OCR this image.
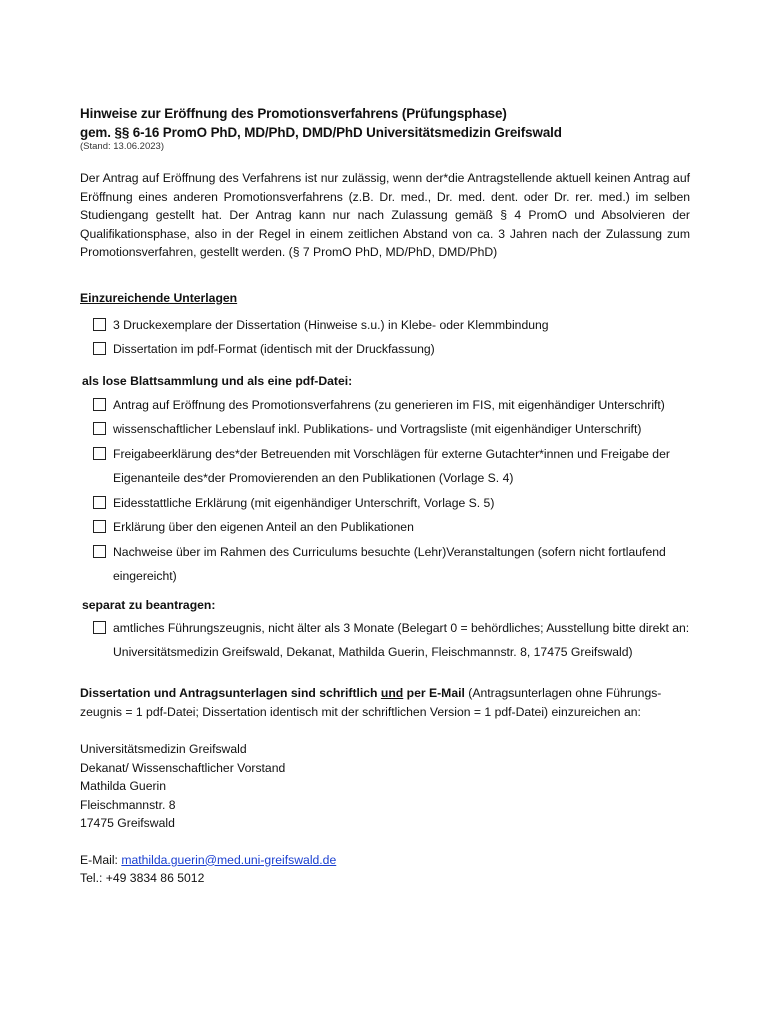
Hinweise zur Eröffnung des Promotionsverfahrens (Prüfungsphase)
gem. §§ 6-16 PromO PhD, MD/PhD, DMD/PhD Universitätsmedizin Greifswald
(Stand: 13.06.2023)

Der Antrag auf Eröffnung des Verfahrens ist nur zulässig, wenn der*die Antragstellende aktuell keinen Antrag auf Eröffnung eines anderen Promotionsverfahrens (z.B. Dr. med., Dr. med. dent. oder Dr. rer. med.) im selben Studiengang gestellt hat. Der Antrag kann nur nach Zulassung gemäß § 4 PromO und Absolvieren der Qualifikationsphase, also in der Regel in einem zeitlichen Abstand von ca. 3 Jahren nach der Zulassung zum Promotionsverfahren, gestellt werden. (§ 7 PromO PhD, MD/PhD, DMD/PhD)

Einzureichende Unterlagen
3 Druckexemplare der Dissertation (Hinweise s.u.) in Klebe- oder Klemmbindung
Dissertation im pdf-Format (identisch mit der Druckfassung)
als lose Blattsammlung und als eine pdf-Datei:
Antrag auf Eröffnung des Promotionsverfahrens (zu generieren im FIS, mit eigenhändiger Unterschrift)
wissenschaftlicher Lebenslauf inkl. Publikations- und Vortragsliste (mit eigenhändiger Unterschrift)
Freigabeerklärung des*der Betreuenden mit Vorschlägen für externe Gutachter*innen und Freigabe der Eigenanteile des*der Promovierenden an den Publikationen (Vorlage S. 4)
Eidesstattliche Erklärung (mit eigenhändiger Unterschrift, Vorlage S. 5)
Erklärung über den eigenen Anteil an den Publikationen
Nachweise über im Rahmen des Curriculums besuchte (Lehr)Veranstaltungen (sofern nicht fortlaufend eingereicht)
separat zu beantragen:
amtliches Führungszeugnis, nicht älter als 3 Monate (Belegart 0 = behördliches; Ausstellung bitte direkt an: Universitätsmedizin Greifswald, Dekanat, Mathilda Guerin, Fleischmannstr. 8, 17475 Greifswald)

Dissertation und Antragsunterlagen sind schriftlich und per E-Mail (Antragsunterlagen ohne Führungs-zeugnis = 1 pdf-Datei; Dissertation identisch mit der schriftlichen Version = 1 pdf-Datei) einzureichen an:

Universitätsmedizin Greifswald
Dekanat/ Wissenschaftlicher Vorstand
Mathilda Guerin
Fleischmannstr. 8
17475 Greifswald
E-Mail: mathilda.guerin@med.uni-greifswald.de
Tel.: +49 3834 86 5012
